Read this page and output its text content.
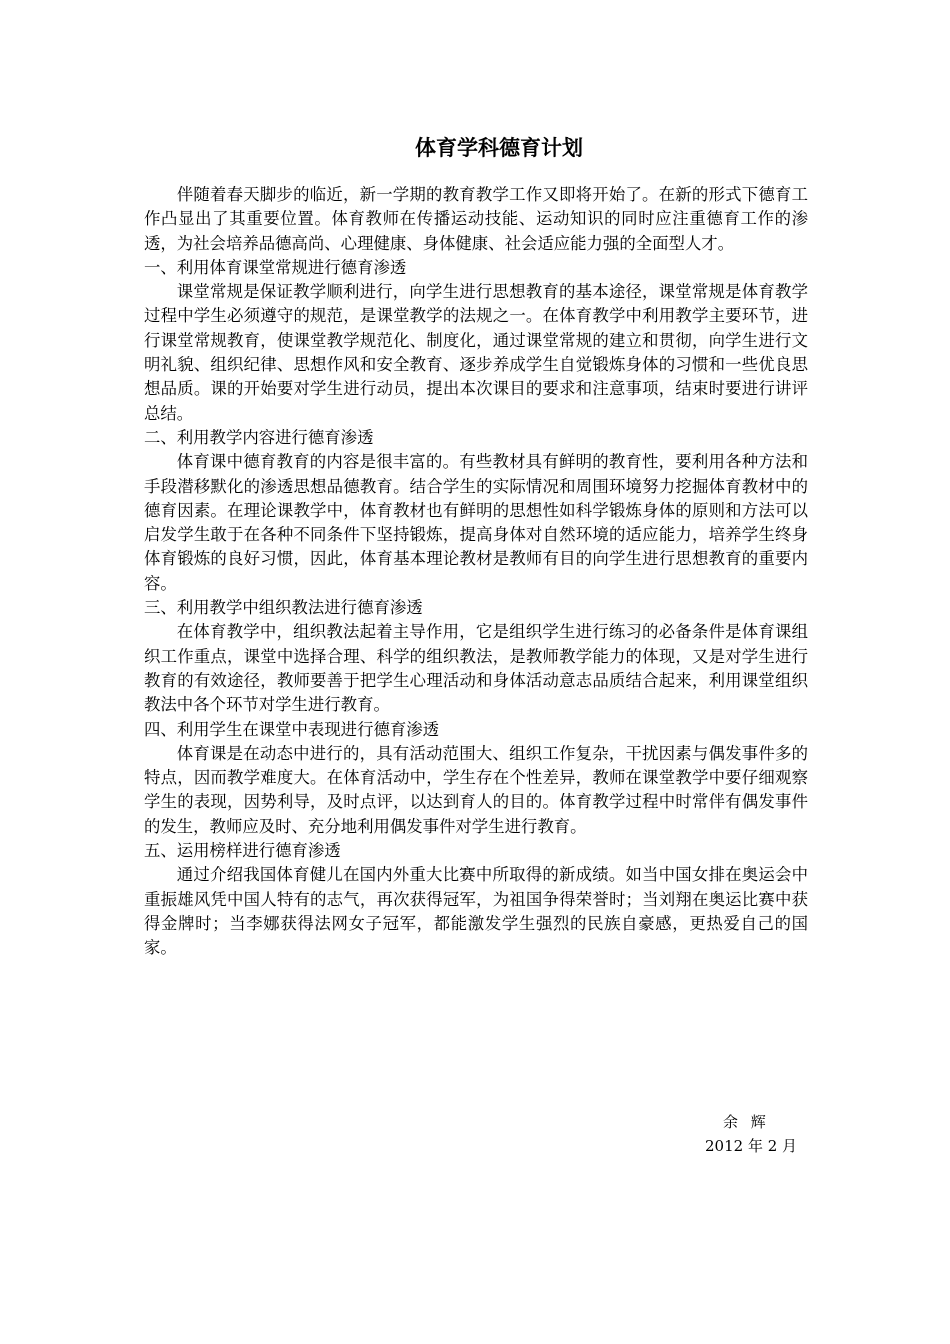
体育学科德育计划

伴随着春天脚步的临近，新一学期的教育教学工作又即将开始了。在新的形式下德育工作凸显出了其重要位置。体育教师在传播运动技能、运动知识的同时应注重德育工作的渗透，为社会培养品德高尚、心理健康、身体健康、社会适应能力强的全面型人才。

一、利用体育课堂常规进行德育渗透

课堂常规是保证教学顺利进行，向学生进行思想教育的基本途径，课堂常规是体育教学过程中学生必须遵守的规范，是课堂教学的法规之一。在体育教学中利用教学主要环节，进行课堂常规教育，使课堂教学规范化、制度化，通过课堂常规的建立和贯彻，向学生进行文明礼貌、组织纪律、思想作风和安全教育、逐步养成学生自觉锻炼身体的习惯和一些优良思想品质。课的开始要对学生进行动员，提出本次课目的要求和注意事项，结束时要进行讲评总结。

二、利用教学内容进行德育渗透

体育课中德育教育的内容是很丰富的。有些教材具有鲜明的教育性，要利用各种方法和手段潜移默化的渗透思想品德教育。结合学生的实际情况和周围环境努力挖掘体育教材中的德育因素。在理论课教学中，体育教材也有鲜明的思想性如科学锻炼身体的原则和方法可以启发学生敢于在各种不同条件下坚持锻炼，提高身体对自然环境的适应能力，培养学生终身体育锻炼的良好习惯，因此，体育基本理论教材是教师有目的向学生进行思想教育的重要内容。

三、利用教学中组织教法进行德育渗透

在体育教学中，组织教法起着主导作用，它是组织学生进行练习的必备条件是体育课组织工作重点，课堂中选择合理、科学的组织教法，是教师教学能力的体现，又是对学生进行教育的有效途径，教师要善于把学生心理活动和身体活动意志品质结合起来，利用课堂组织教法中各个环节对学生进行教育。

四、利用学生在课堂中表现进行德育渗透

体育课是在动态中进行的，具有活动范围大、组织工作复杂，干扰因素与偶发事件多的特点，因而教学难度大。在体育活动中，学生存在个性差异，教师在课堂教学中要仔细观察学生的表现，因势利导，及时点评，以达到育人的目的。体育教学过程中时常伴有偶发事件的发生，教师应及时、充分地利用偶发事件对学生进行教育。

五、运用榜样进行德育渗透

通过介绍我国体育健儿在国内外重大比赛中所取得的新成绩。如当中国女排在奥运会中重振雄风凭中国人特有的志气，再次获得冠军，为祖国争得荣誉时；当刘翔在奥运比赛中获得金牌时；当李娜获得法网女子冠军，都能激发学生强烈的民族自豪感，更热爱自己的国家。

余 辉
2012 年 2 月
